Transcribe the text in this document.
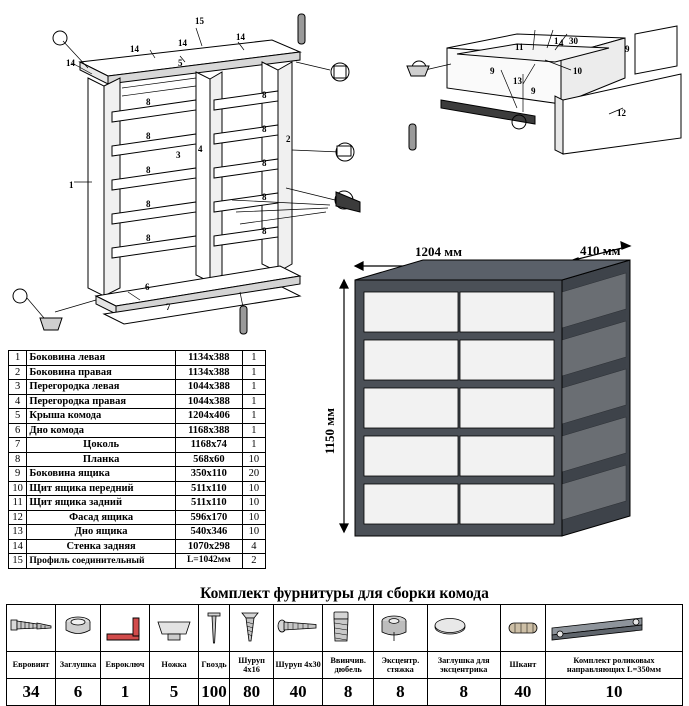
15
14
14
14
14	5
1
2
3
4
6
7
8
8
8
8
8
8
8
8
8
8
11
1 4 30
9
13
10
9
9
12
1204 мм	410 мм
1150 мм
1	Боковина левая	1134х388	1
2	Боковина правая	1134х388	1
3	Перегородка левая	1044х388	1
4	Перегородка правая	1044х388	1
5	Крыша комода	1204х406	1
6	Дно комода	1168х388	1
7	Цоколь	1168х74	1
8	Планка	568х60	10
9	Боковина ящика	350х110	20
10	Щит ящика передний	511х110	10
11	Щит ящика задний	511х110	10
12	Фасад ящика	596х170	10
13	Дно ящика	540х346	10
14	Стенка задняя	1070х298	4
15	Профиль соединительный	L=1042мм	2
Комплект фурнитуры для сборки комода

Евровинт	Заглушка	Евроключ	Ножка	Гвоздь	Шуруп 4х16	Шуруп 4х30	Ввинчив. дюбель	Эксцентр. стяжка	Заглушка для эксцентрика	Шкант	Комплект роликовых направляющих L=350мм
34	6	1	5	100	80	40	8	8	8	40	10
